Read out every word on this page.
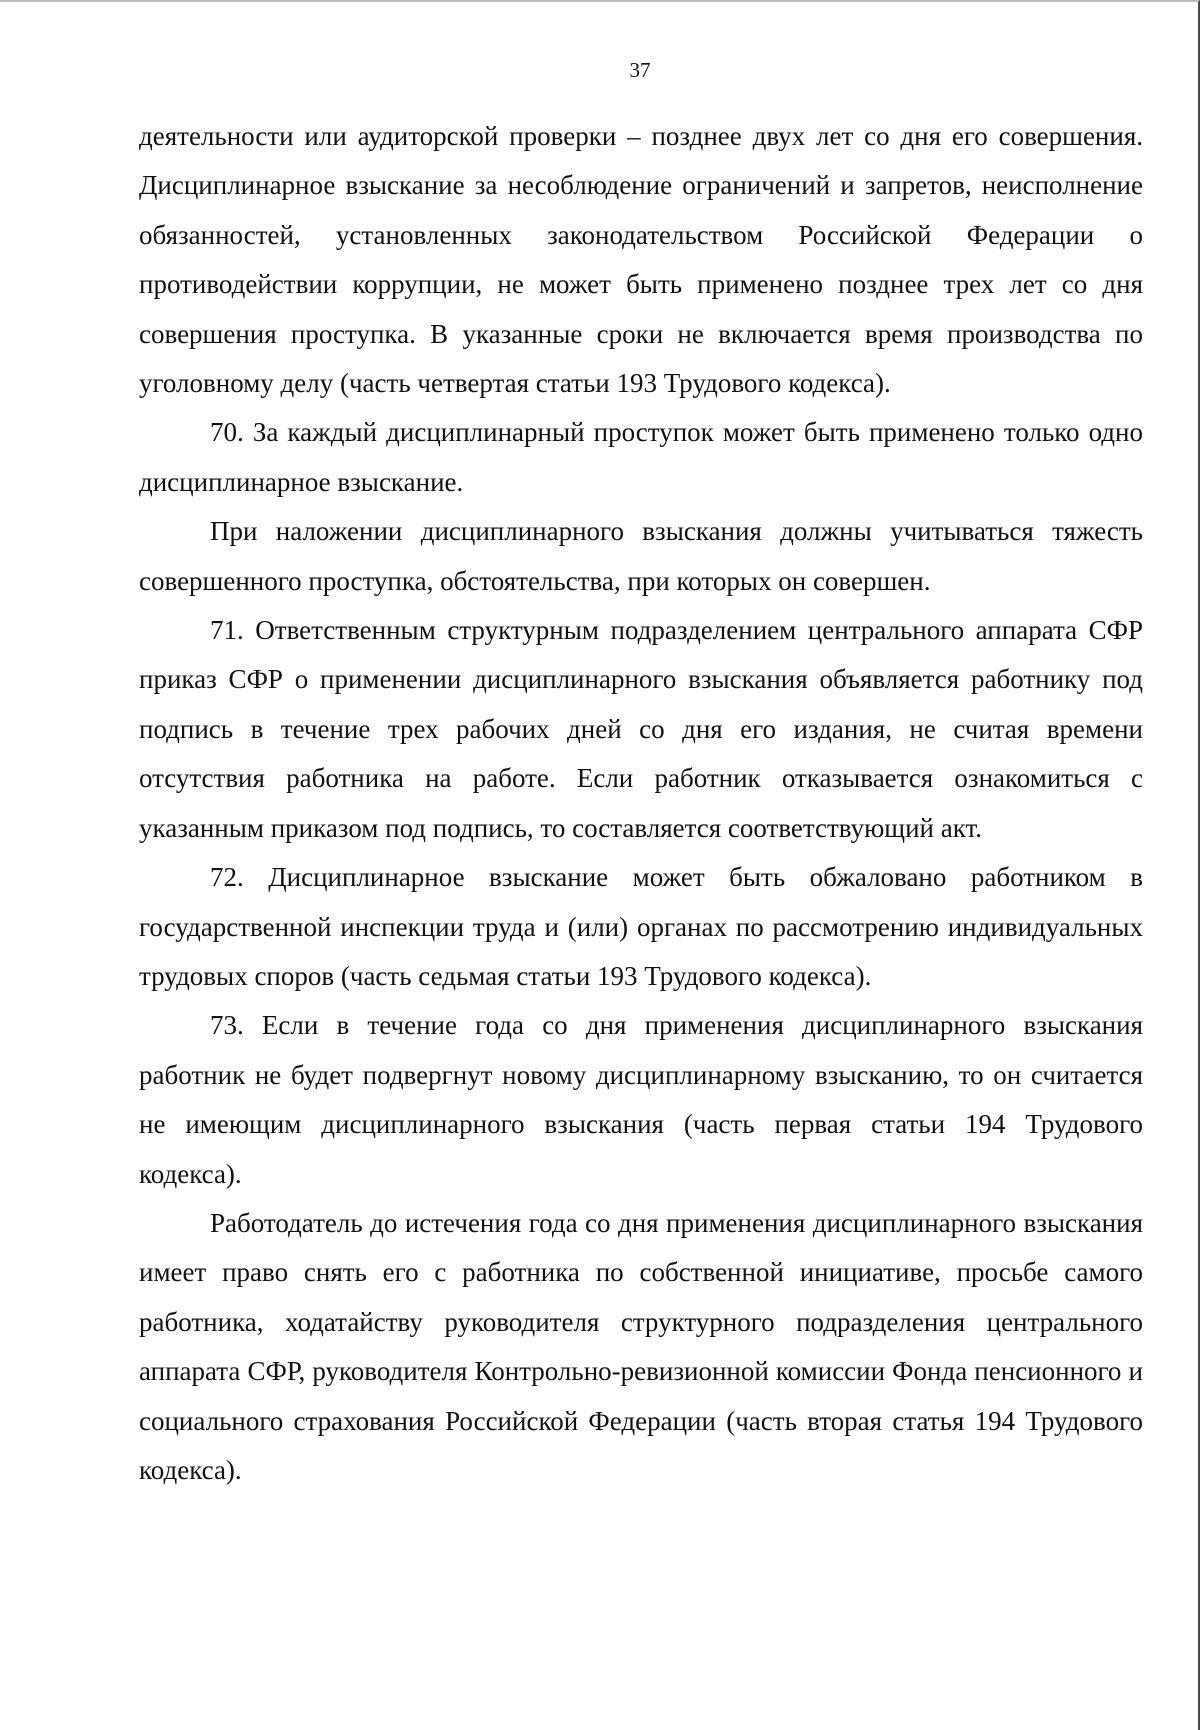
37

деятельности или аудиторской проверки – позднее двух лет со дня его совершения. Дисциплинарное взыскание за несоблюдение ограничений и запретов, неисполнение обязанностей, установленных законодательством Российской Федерации о противодействии коррупции, не может быть применено позднее трех лет со дня совершения проступка. В указанные сроки не включается время производства по уголовному делу (часть четвертая статьи 193 Трудового кодекса).

70. За каждый дисциплинарный проступок может быть применено только одно дисциплинарное взыскание.

При наложении дисциплинарного взыскания должны учитываться тяжесть совершенного проступка, обстоятельства, при которых он совершен.

71. Ответственным структурным подразделением центрального аппарата СФР приказ СФР о применении дисциплинарного взыскания объявляется работнику под подпись в течение трех рабочих дней со дня его издания, не считая времени отсутствия работника на работе. Если работник отказывается ознакомиться с указанным приказом под подпись, то составляется соответствующий акт.

72. Дисциплинарное взыскание может быть обжаловано работником в государственной инспекции труда и (или) органах по рассмотрению индивидуальных трудовых споров (часть седьмая статьи 193 Трудового кодекса).

73. Если в течение года со дня применения дисциплинарного взыскания работник не будет подвергнут новому дисциплинарному взысканию, то он считается не имеющим дисциплинарного взыскания (часть первая статьи 194 Трудового кодекса).

Работодатель до истечения года со дня применения дисциплинарного взыскания имеет право снять его с работника по собственной инициативе, просьбе самого работника, ходатайству руководителя структурного подразделения центрального аппарата СФР, руководителя Контрольно-ревизионной комиссии Фонда пенсионного и социального страхования Российской Федерации (часть вторая статья 194 Трудового кодекса).
